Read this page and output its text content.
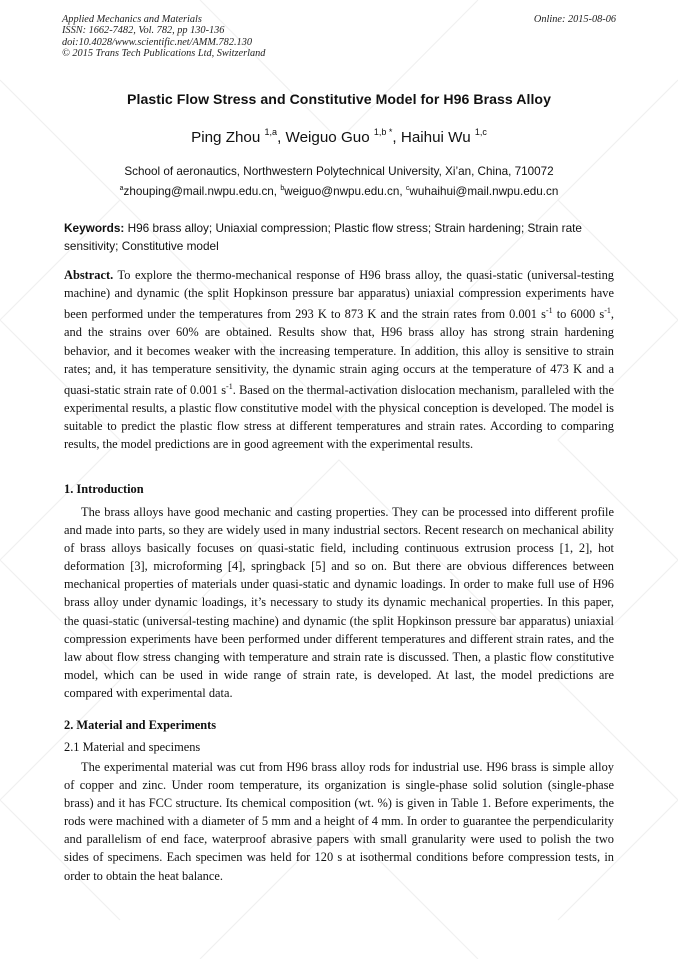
Applied Mechanics and Materials
ISSN: 1662-7482, Vol. 782, pp 130-136
doi:10.4028/www.scientific.net/AMM.782.130
© 2015 Trans Tech Publications Ltd, Switzerland
Online: 2015-08-06
Plastic Flow Stress and Constitutive Model for H96 Brass Alloy
Ping Zhou $^{1,a}$, Weiguo Guo $^{1,b *}$, Haihui Wu $^{1,c}$
School of aeronautics, Northwestern Polytechnical University, Xi’an, China, 710072
$^a$zhouping@mail.nwpu.edu.cn, $^b$weiguo@nwpu.edu.cn, $^c$wuhaihui@mail.nwpu.edu.cn
Keywords: H96 brass alloy; Uniaxial compression; Plastic flow stress; Strain hardening; Strain rate sensitivity; Constitutive model

Abstract. To explore the thermo-mechanical response of H96 brass alloy, the quasi-static (universal-testing machine) and dynamic (the split Hopkinson pressure bar apparatus) uniaxial compression experiments have been performed under the temperatures from 293 K to 873 K and the strain rates from 0.001 $s^{-1}$ to 6000 $s^{-1}$, and the strains over 60% are obtained. Results show that, H96 brass alloy has strong strain hardening behavior, and it becomes weaker with the increasing temperature. In addition, this alloy is sensitive to strain rates; and, it has temperature sensitivity, the dynamic strain aging occurs at the temperature of 473 K and a quasi-static strain rate of 0.001 $s^{-1}$. Based on the thermal-activation dislocation mechanism, paralleled with the experimental results, a plastic flow constitutive model with the physical conception is developed. The model is suitable to predict the plastic flow stress at different temperatures and strain rates. According to comparing results, the model predictions are in good agreement with the experimental results.

1. Introduction

The brass alloys have good mechanic and casting properties. They can be processed into different profile and made into parts, so they are widely used in many industrial sectors. Recent research on mechanical ability of brass alloys basically focuses on quasi-static field, including continuous extrusion process [1, 2], hot deformation [3], microforming [4], springback [5] and so on. But there are obvious differences between mechanical properties of materials under quasi-static and dynamic loadings. In order to make full use of H96 brass alloy under dynamic loadings, it’s necessary to study its dynamic mechanical properties. In this paper, the quasi-static (universal-testing machine) and dynamic (the split Hopkinson pressure bar apparatus) uniaxial compression experiments have been performed under different temperatures and different strain rates, and the law about flow stress changing with temperature and strain rate is discussed. Then, a plastic flow constitutive model, which can be used in wide range of strain rate, is developed. At last, the model predictions are compared with experimental data.

2. Material and Experiments
2.1 Material and specimens

The experimental material was cut from H96 brass alloy rods for industrial use. H96 brass is simple alloy of copper and zinc. Under room temperature, its organization is single-phase solid solution (single-phase brass) and it has FCC structure. Its chemical composition (wt. %) is given in Table 1. Before experiments, the rods were machined with a diameter of 5 mm and a height of 4 mm. In order to guarantee the perpendicularity and parallelism of end face, waterproof abrasive papers with small granularity were used to polish the two sides of specimens. Each specimen was held for 120 s at isothermal conditions before compression tests, in order to obtain the heat balance.
